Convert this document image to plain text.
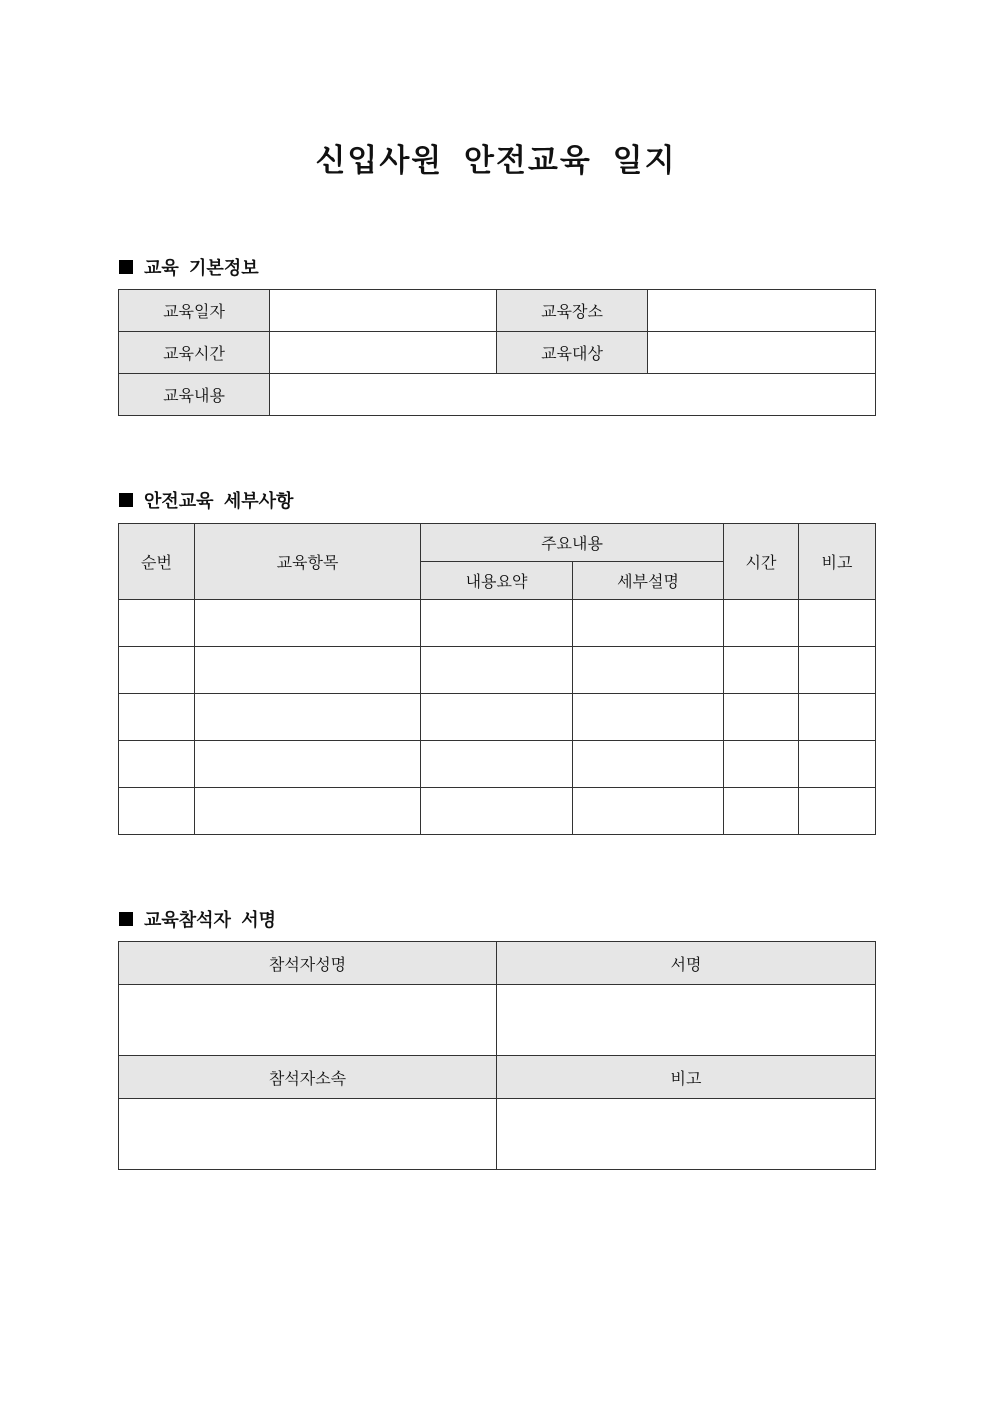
신입사원 안전교육 일지
교육 기본정보
교육일자		교육장소	
교육시간		교육대상	
교육내용			
안전교육 세부사항
순번	교육항목	주요내용		시간	비고
		내용요약	세부설명		

교육참석자 서명
참석자성명	서명

참석자소속	비고
